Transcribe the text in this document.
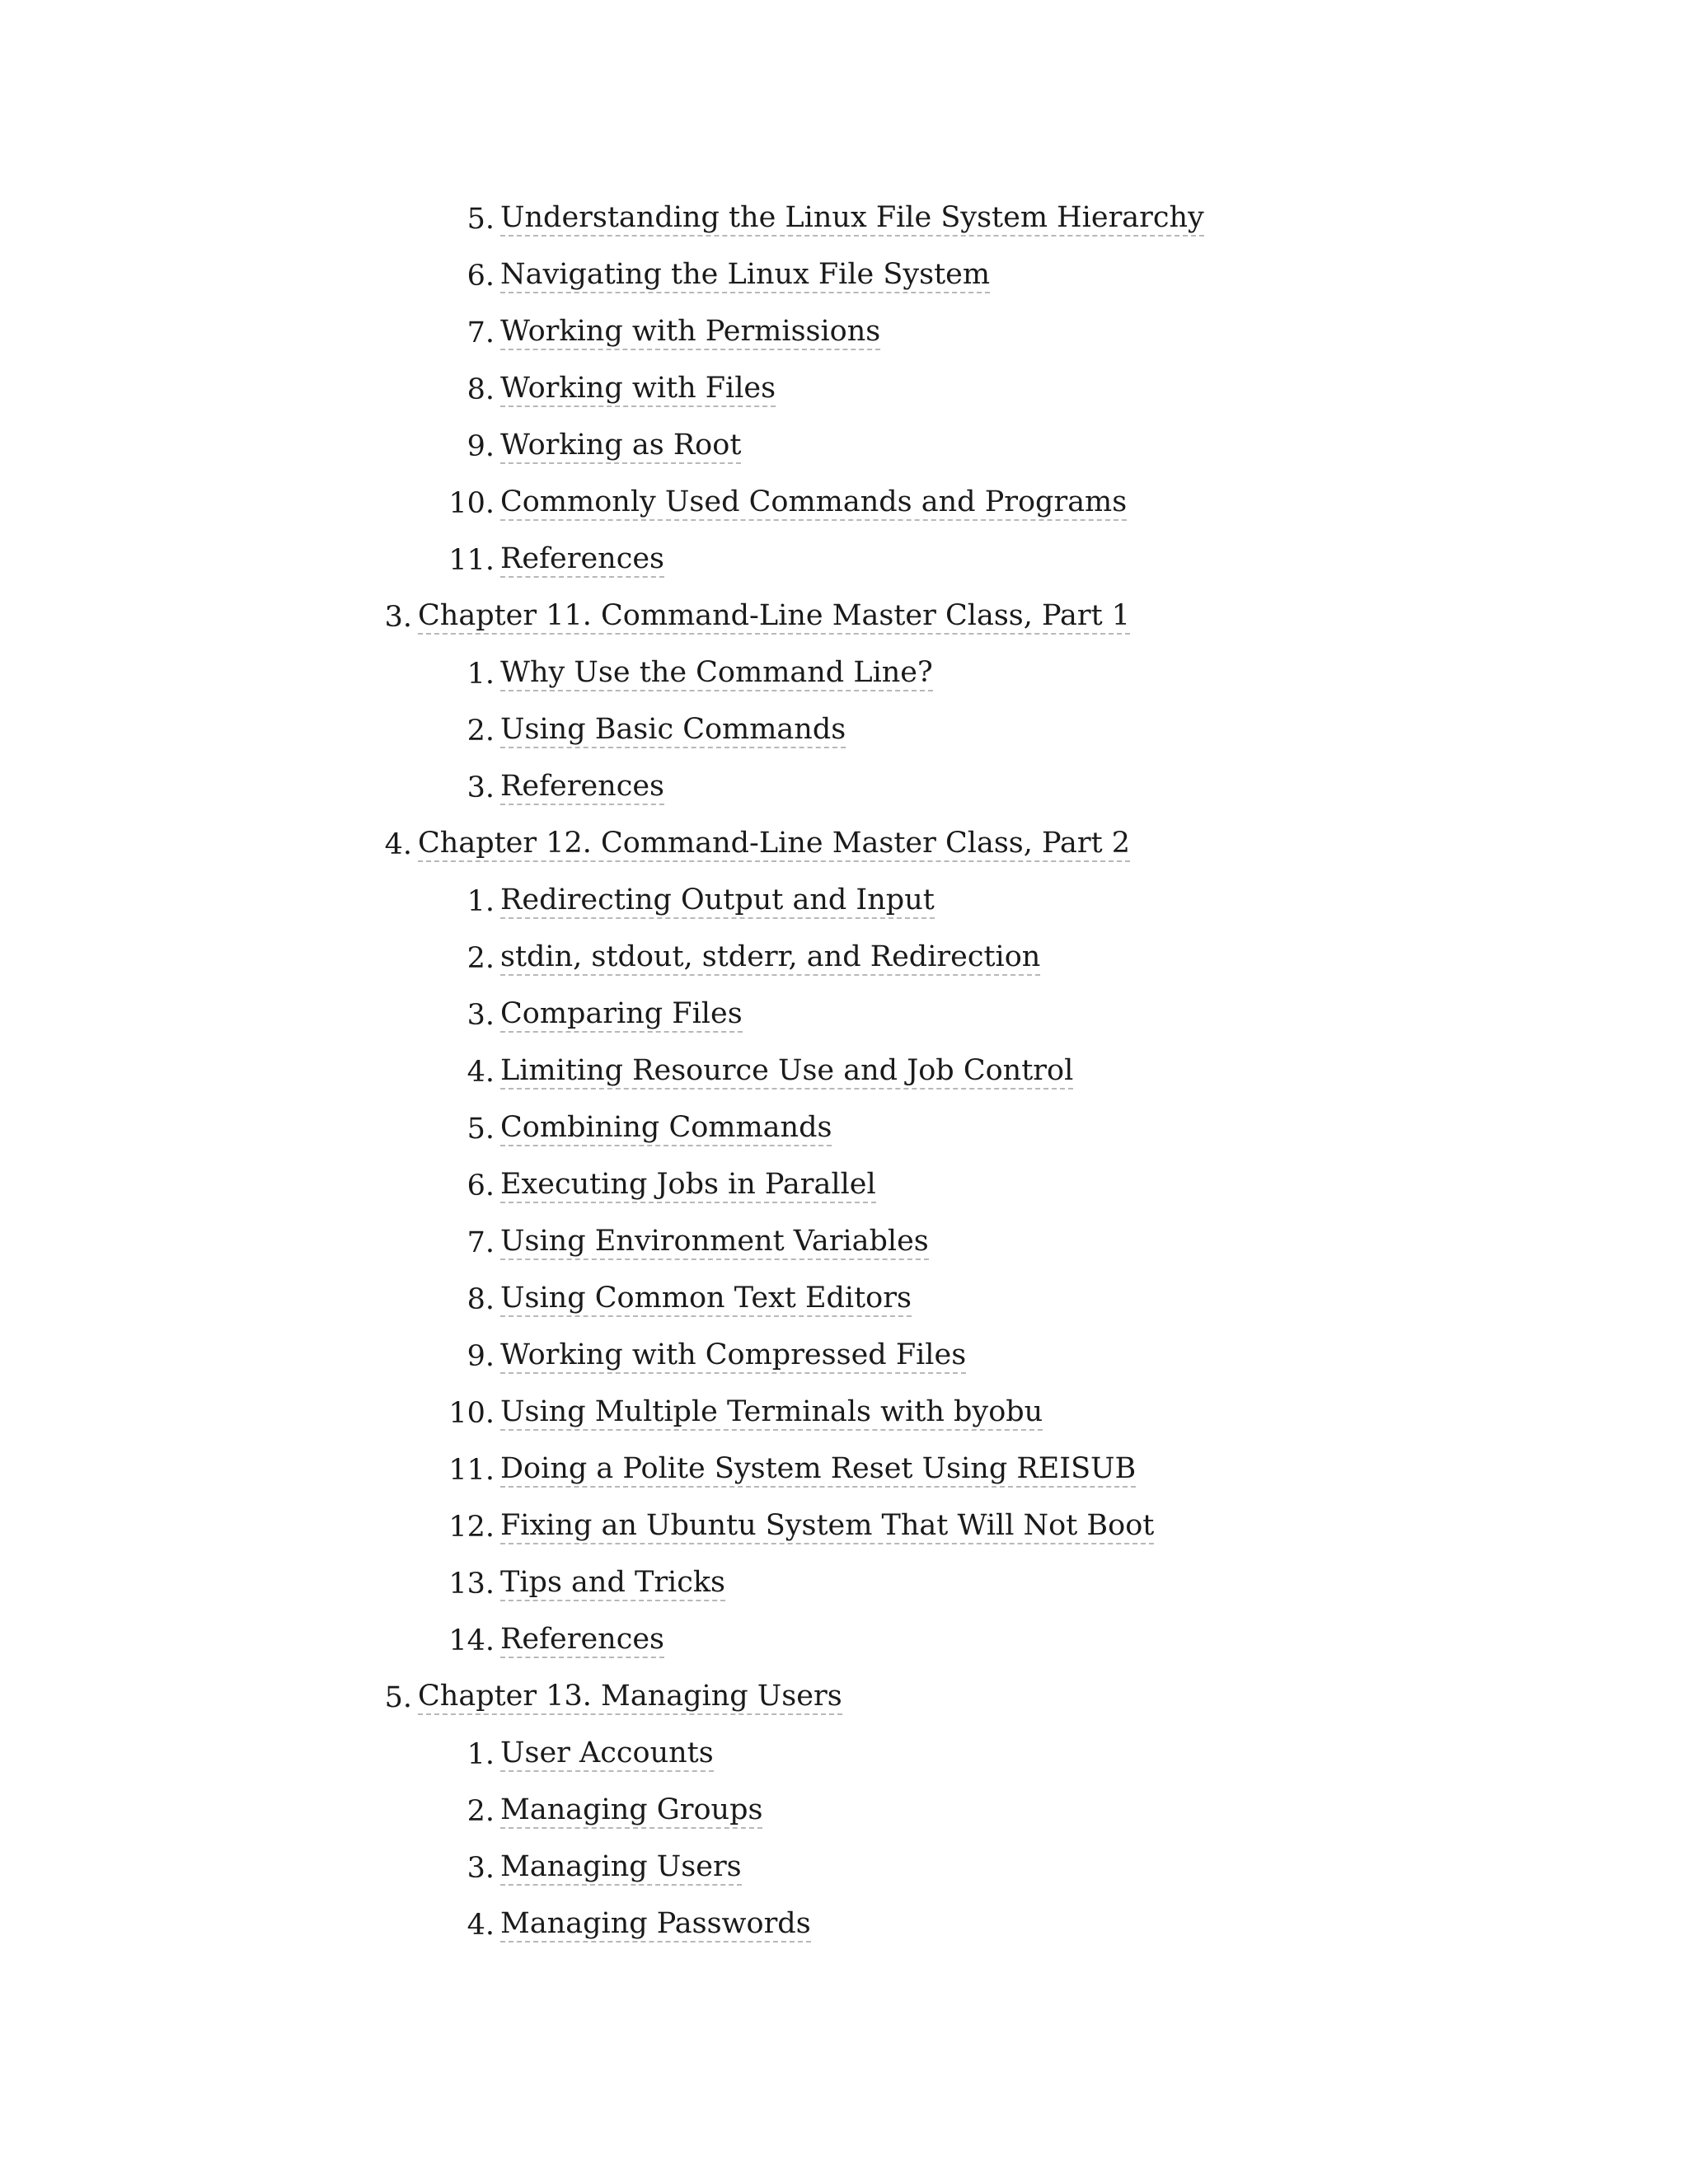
5. Understanding the Linux File System Hierarchy
6. Navigating the Linux File System
7. Working with Permissions
8. Working with Files
9. Working as Root
10. Commonly Used Commands and Programs
11. References
3. Chapter 11. Command-Line Master Class, Part 1
1. Why Use the Command Line?
2. Using Basic Commands
3. References
4. Chapter 12. Command-Line Master Class, Part 2
1. Redirecting Output and Input
2. stdin, stdout, stderr, and Redirection
3. Comparing Files
4. Limiting Resource Use and Job Control
5. Combining Commands
6. Executing Jobs in Parallel
7. Using Environment Variables
8. Using Common Text Editors
9. Working with Compressed Files
10. Using Multiple Terminals with byobu
11. Doing a Polite System Reset Using REISUB
12. Fixing an Ubuntu System That Will Not Boot
13. Tips and Tricks
14. References
5. Chapter 13. Managing Users
1. User Accounts
2. Managing Groups
3. Managing Users
4. Managing Passwords
